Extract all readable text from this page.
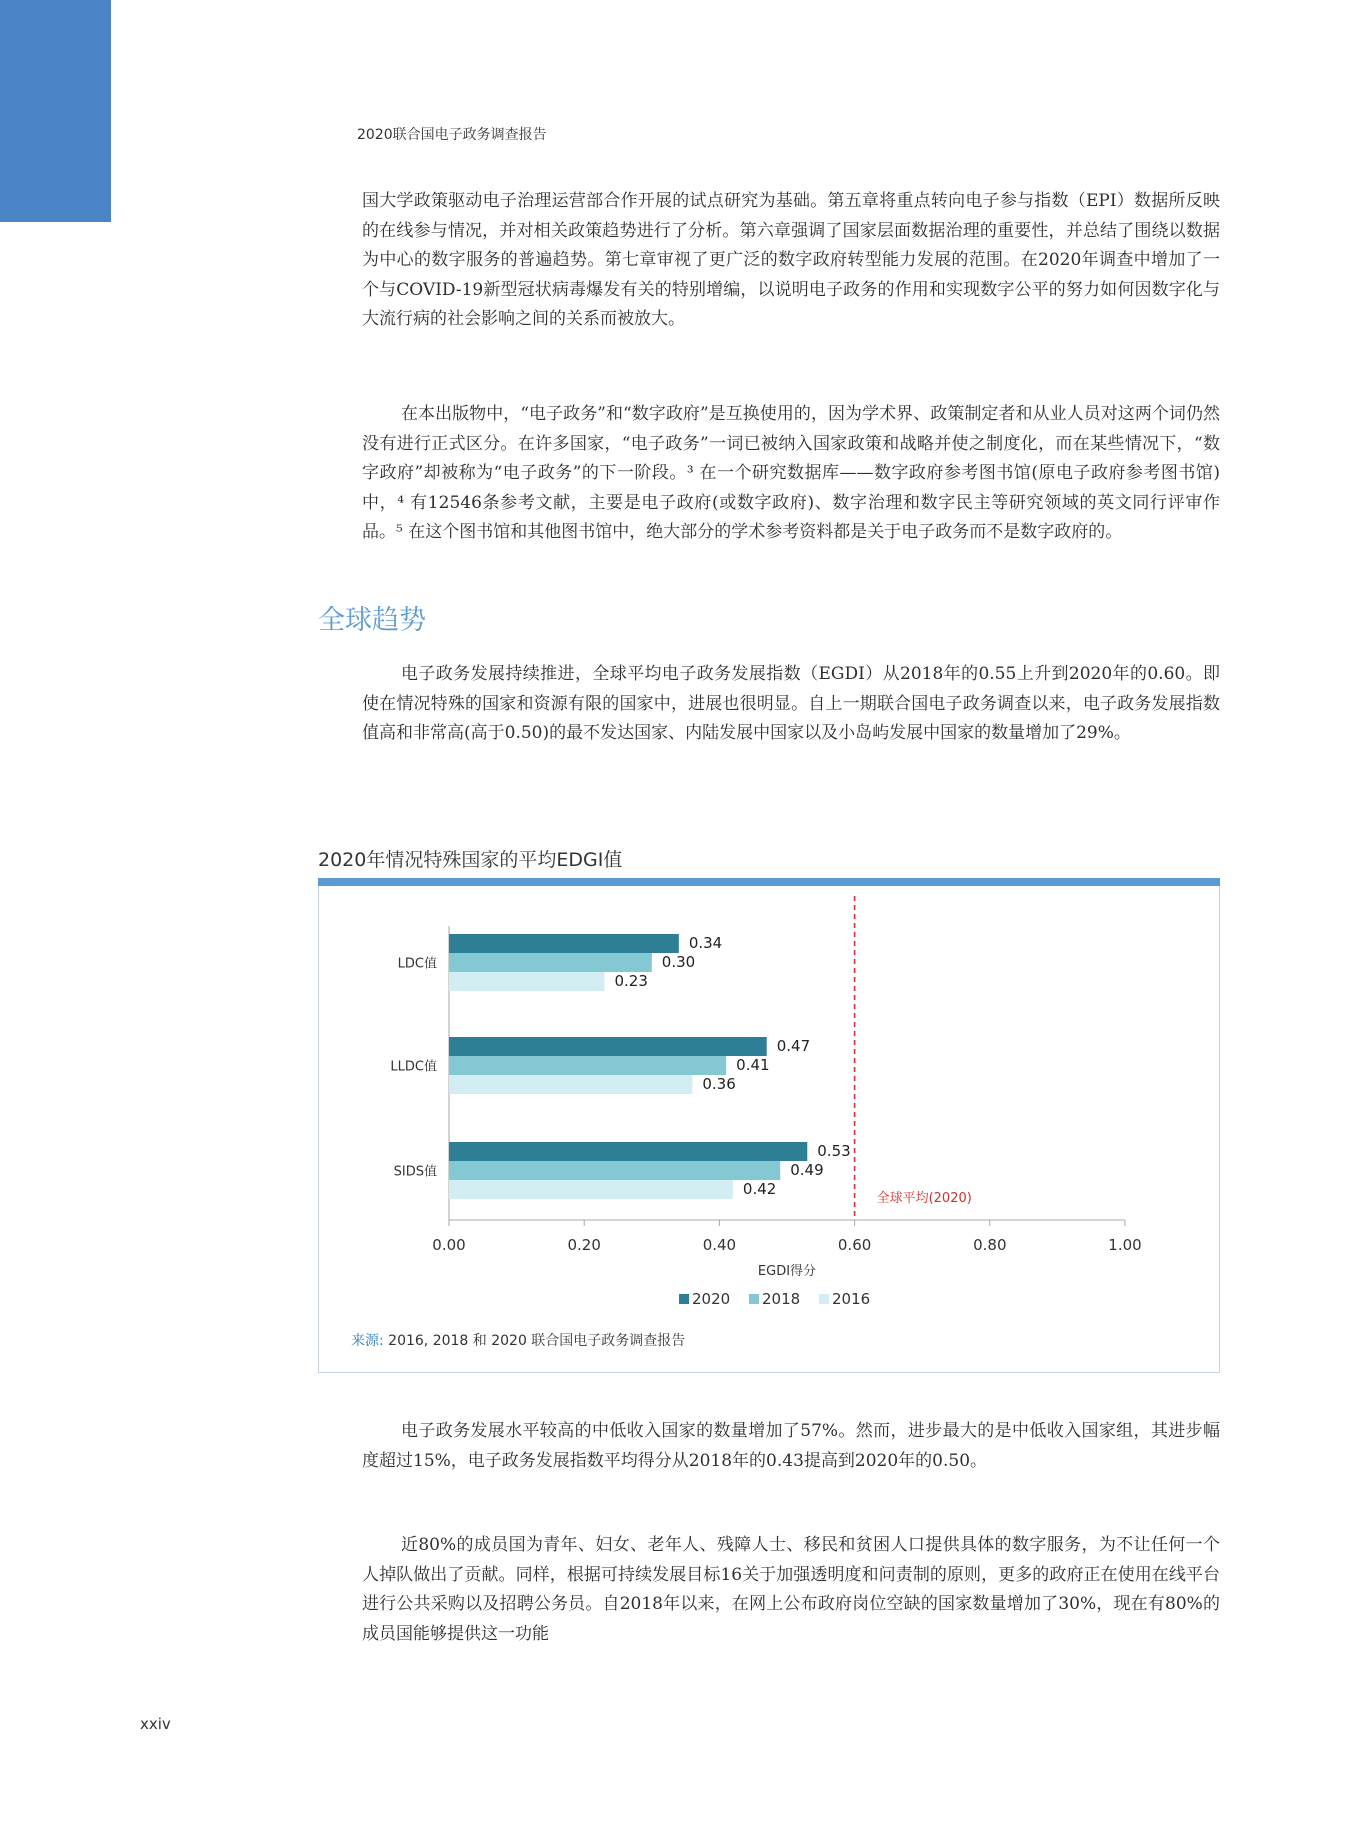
2020联合国电子政务调查报告

国大学政策驱动电子治理运营部合作开展的试点研究为基础。第五章将重点转向电子参与指数（EPI）数据所反映的在线参与情况，并对相关政策趋势进行了分析。第六章强调了国家层面数据治理的重要性，并总结了围绕以数据为中心的数字服务的普遍趋势。第七章审视了更广泛的数字政府转型能力发展的范围。在2020年调查中增加了一个与COVID-19新型冠状病毒爆发有关的特别增编，以说明电子政务的作用和实现数字公平的努力如何因数字化与大流行病的社会影响之间的关系而被放大。

在本出版物中，“电子政务”和“数字政府”是互换使用的，因为学术界、政策制定者和从业人员对这两个词仍然没有进行正式区分。在许多国家，“电子政务”一词已被纳入国家政策和战略并使之制度化，而在某些情况下，“数字政府”却被称为“电子政务”的下一阶段。³ 在一个研究数据库——数字政府参考图书馆(原电子政府参考图书馆)中，⁴ 有12546条参考文献，主要是电子政府(或数字政府)、数字治理和数字民主等研究领域的英文同行评审作品。⁵ 在这个图书馆和其他图书馆中，绝大部分的学术参考资料都是关于电子政务而不是数字政府的。

全球趋势

电子政务发展持续推进，全球平均电子政务发展指数（EGDI）从2018年的0.55上升到2020年的0.60。即使在情况特殊的国家和资源有限的国家中，进展也很明显。自上一期联合国电子政务调查以来，电子政务发展指数值高和非常高(高于0.50)的最不发达国家、内陆发展中国家以及小岛屿发展中国家的数量增加了29%。

2020年情况特殊国家的平均EDGI值
0.00	0.20	0.40	0.60	0.80	1.00
EGDI得分
0.34
0.30
0.23
LDC值
0.47
0.41
0.36
LLDC值
0.53
0.49
0.42
SIDS值
全球平均(2020)
2020 2018 2016
来源: 2016, 2018 和 2020 联合国电子政务调查报告

电子政务发展水平较高的中低收入国家的数量增加了57%。然而，进步最大的是中低收入国家组，其进步幅度超过15%，电子政务发展指数平均得分从2018年的0.43提高到2020年的0.50。

近80%的成员国为青年、妇女、老年人、残障人士、移民和贫困人口提供具体的数字服务，为不让任何一个人掉队做出了贡献。同样，根据可持续发展目标16关于加强透明度和问责制的原则，更多的政府正在使用在线平台进行公共采购以及招聘公务员。自2018年以来，在网上公布政府岗位空缺的国家数量增加了30%，现在有80%的成员国能够提供这一功能

xxiv
